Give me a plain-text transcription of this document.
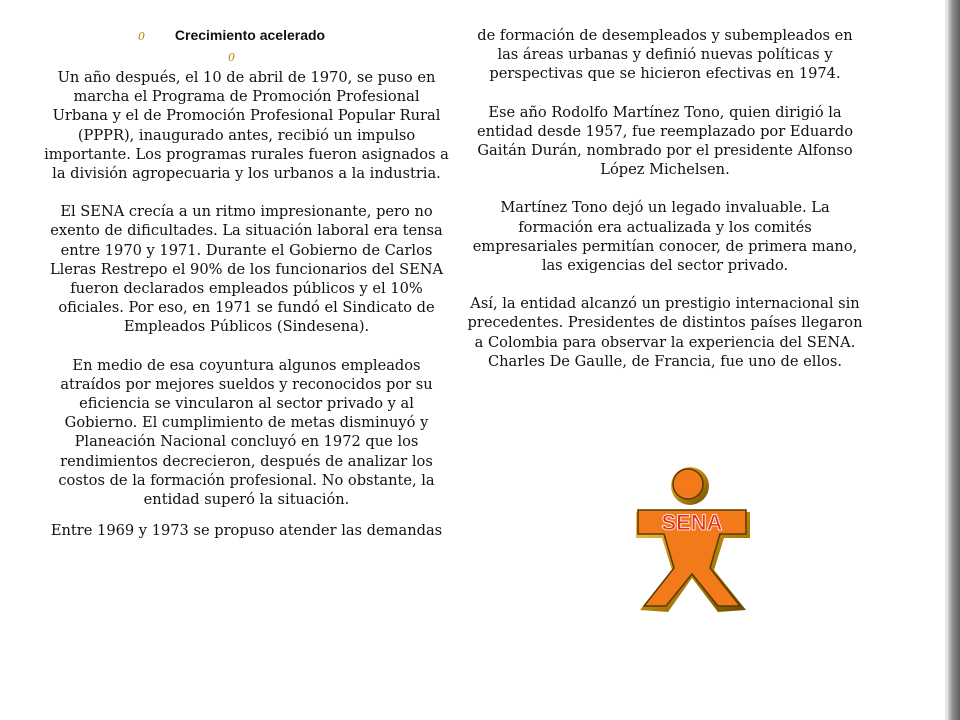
0	Crecimiento acelerado
0

Un año después, el 10 de abril de 1970, se puso en marcha el Programa de Promoción Profesional Urbana y el de Promoción Profesional Popular Rural (PPPR), inaugurado antes, recibió un impulso importante. Los programas rurales fueron asignados a la división agropecuaria y los urbanos a la industria.

El SENA crecía a un ritmo impresionante, pero no exento de dificultades. La situación laboral era tensa entre 1970 y 1971. Durante el Gobierno de Carlos Lleras Restrepo el 90% de los funcionarios del SENA fueron declarados empleados públicos y el 10% oficiales. Por eso, en 1971 se fundó el Sindicato de Empleados Públicos (Sindesena).

En medio de esa coyuntura algunos empleados atraídos por mejores sueldos y reconocidos por su eficiencia se vincularon al sector privado y al Gobierno. El cumplimiento de metas disminuyó y Planeación Nacional concluyó en 1972 que los rendimientos decrecieron, después de analizar los costos de la formación profesional. No obstante, la entidad superó la situación.

Entre 1969 y 1973 se propuso atender las demandas

de formación de desempleados y subempleados en las áreas urbanas y definió nuevas políticas y perspectivas que se hicieron efectivas en 1974.

Ese año Rodolfo Martínez Tono, quien dirigió la entidad desde 1957, fue reemplazado por Eduardo Gaitán Durán, nombrado por el presidente Alfonso López Michelsen.

Martínez Tono dejó un legado invaluable. La formación era actualizada y los comités empresariales permitían conocer, de primera mano, las exigencias del sector privado.

Así, la entidad alcanzó un prestigio internacional sin precedentes. Presidentes de distintos países llegaron a Colombia para observar la experiencia del SENA. Charles De Gaulle, de Francia, fue uno de ellos.

SENA
